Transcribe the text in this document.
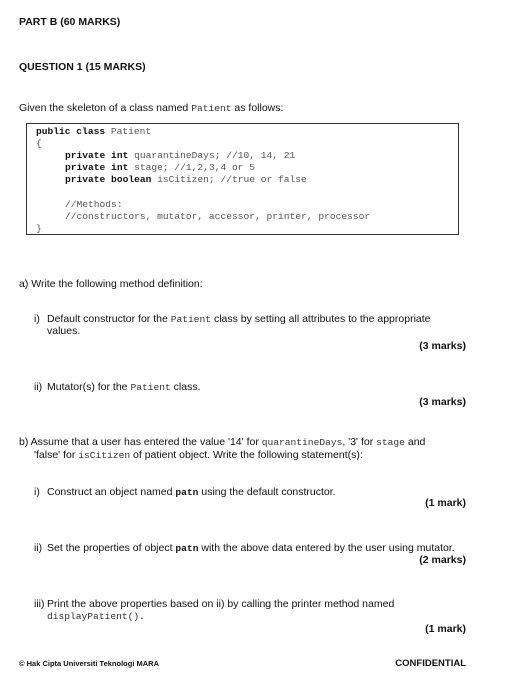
PART B (60 MARKS)
QUESTION 1 (15 MARKS)
Given the skeleton of a class named Patient as follows:
public class Patient
{
private int quarantineDays; //10, 14, 21
private int stage; //1,2,3,4 or 5
private boolean isCitizen; //true or false
//Methods:
//constructors, mutator, accessor, printer, processor
}
a) Write the following method definition:
i) Default constructor for the Patient class by setting all attributes to the appropriate
values.
(3 marks)
ii) Mutator(s) for the Patient class.
(3 marks)
b) Assume that a user has entered the value '14' for quarantineDays, '3' for stage and
'false' for isCitizen of patient object. Write the following statement(s):
i) Construct an object named patn using the default constructor.
(1 mark)
ii) Set the properties of object patn with the above data entered by the user using mutator.
(2 marks)
iii) Print the above properties based on ii) by calling the printer method named
displayPatient().
(1 mark)
© Hak Cipta Universiti Teknologi MARA	CONFIDENTIAL
